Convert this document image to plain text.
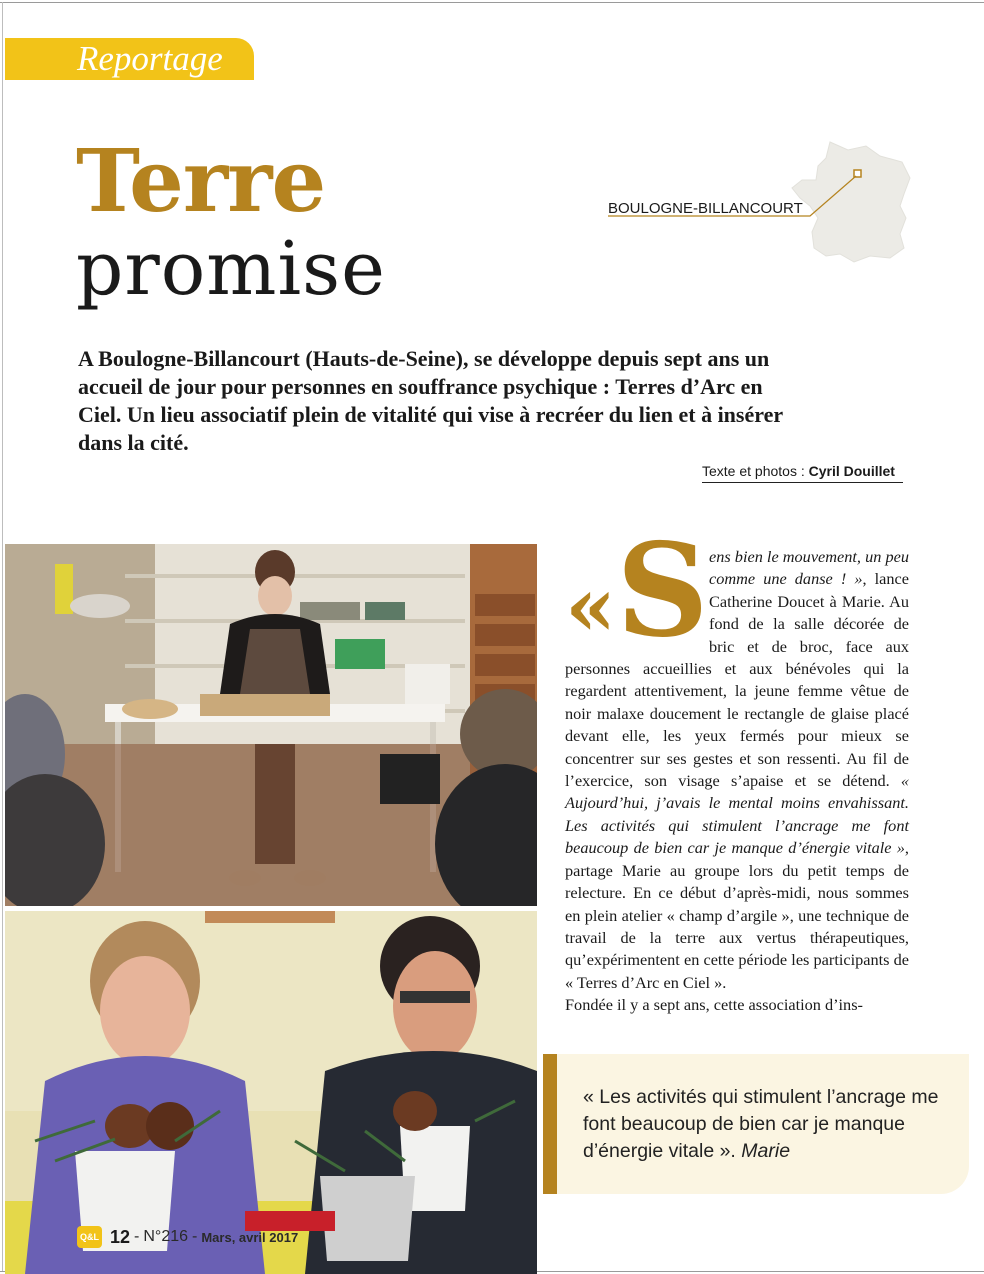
Reportage
Terre
promise
BOULOGNE-BILLANCOURT
A Boulogne-Billancourt (Hauts-de-Seine), se développe depuis sept ans un accueil de jour pour personnes en souffrance psychique : Terres d’Arc en Ciel. Un lieu associatif plein de vitalité qui vise à recréer du lien et à insérer dans la cité.
Texte et photos : Cyril Douillet
«S ens bien le mouvement, un peu comme une danse ! », lance Catherine Doucet à Marie. Au fond de la salle décorée de bric et de broc, face aux personnes accueillies et aux bénévoles qui la regardent attentivement, la jeune femme vêtue de noir malaxe doucement le rectangle de glaise placé devant elle, les yeux fermés pour mieux se concentrer sur ses gestes et son ressenti. Au fil de l’exercice, son visage s’apaise et se détend. « Aujourd’hui, j’avais le mental moins envahissant. Les activités qui stimulent l’ancrage me font beaucoup de bien car je manque d’énergie vitale », partage Marie au groupe lors du petit temps de relecture. En ce début d’après-midi, nous sommes en plein atelier « champ d’argile », une technique de travail de la terre aux vertus thérapeutiques, qu’expérimentent en cette période les participants de « Terres d’Arc en Ciel ».
Fondée il y a sept ans, cette association d’ins-
« Les activités qui stimulent l’ancrage me font beaucoup de bien car je manque d’énergie vitale ». Marie
Q&L 12 - N°216 - Mars, avril 2017
